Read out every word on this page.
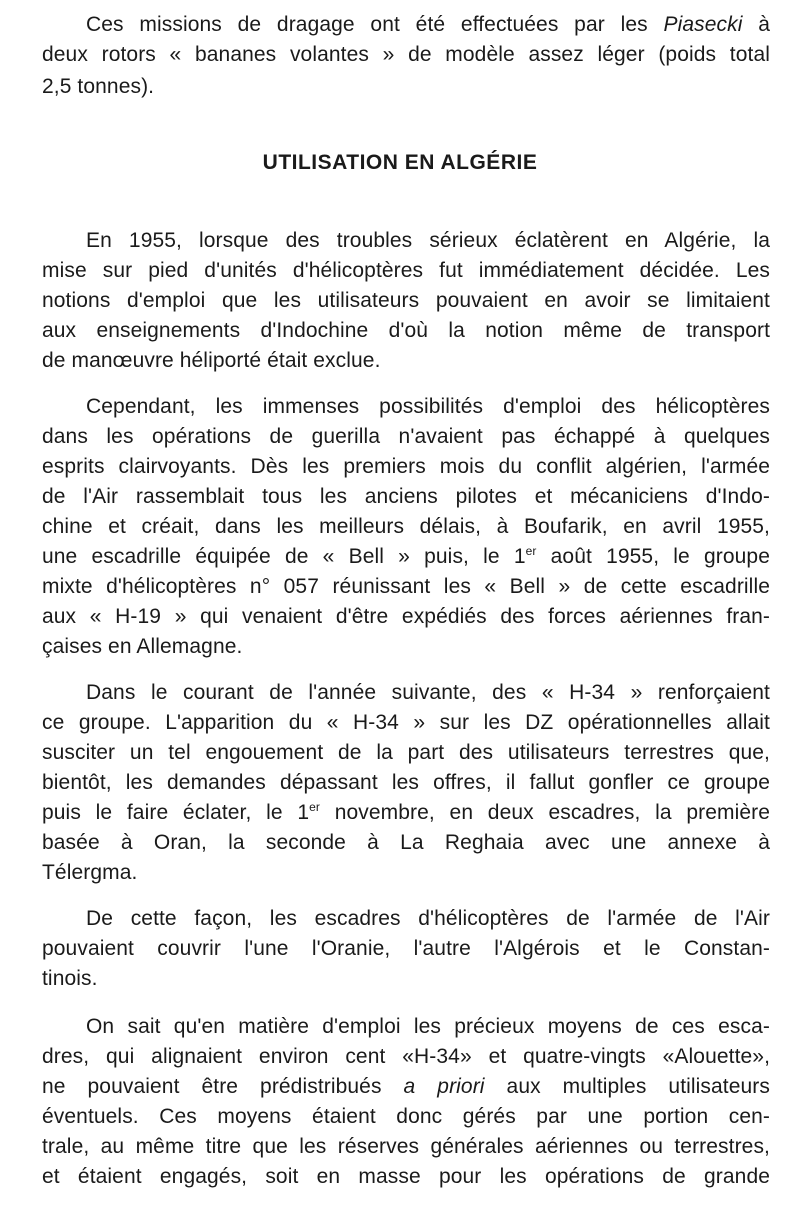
Ces missions de dragage ont été effectuées par les Piasecki à
deux rotors « bananes volantes » de modèle assez léger (poids total
2,5 tonnes).
UTILISATION EN ALGÉRIE
En 1955, lorsque des troubles sérieux éclatèrent en Algérie, la
mise sur pied d'unités d'hélicoptères fut immédiatement décidée. Les
notions d'emploi que les utilisateurs pouvaient en avoir se limitaient
aux enseignements d'Indochine d'où la notion même de transport
de manœuvre héliporté était exclue.
Cependant, les immenses possibilités d'emploi des hélicoptères
dans les opérations de guerilla n'avaient pas échappé à quelques
esprits clairvoyants. Dès les premiers mois du conflit algérien, l'armée
de l'Air rassemblait tous les anciens pilotes et mécaniciens d'Indo-
chine et créait, dans les meilleurs délais, à Boufarik, en avril 1955,
une escadrille équipée de « Bell » puis, le 1er août 1955, le groupe
mixte d'hélicoptères n° 057 réunissant les « Bell » de cette escadrille
aux « H-19 » qui venaient d'être expédiés des forces aériennes fran-
çaises en Allemagne.
Dans le courant de l'année suivante, des « H-34 » renforçaient
ce groupe. L'apparition du « H-34 » sur les DZ opérationnelles allait
susciter un tel engouement de la part des utilisateurs terrestres que,
bientôt, les demandes dépassant les offres, il fallut gonfler ce groupe
puis le faire éclater, le 1er novembre, en deux escadres, la première
basée à Oran, la seconde à La Reghaia avec une annexe à
Télergma.
De cette façon, les escadres d'hélicoptères de l'armée de l'Air
pouvaient couvrir l'une l'Oranie, l'autre l'Algérois et le Constan-
tinois.
On sait qu'en matière d'emploi les précieux moyens de ces esca-
dres, qui alignaient environ cent «H-34» et quatre-vingts «Alouette»,
ne pouvaient être prédistribués a priori aux multiples utilisateurs
éventuels. Ces moyens étaient donc gérés par une portion cen-
trale, au même titre que les réserves générales aériennes ou terrestres,
et étaient engagés, soit en masse pour les opérations de grande
